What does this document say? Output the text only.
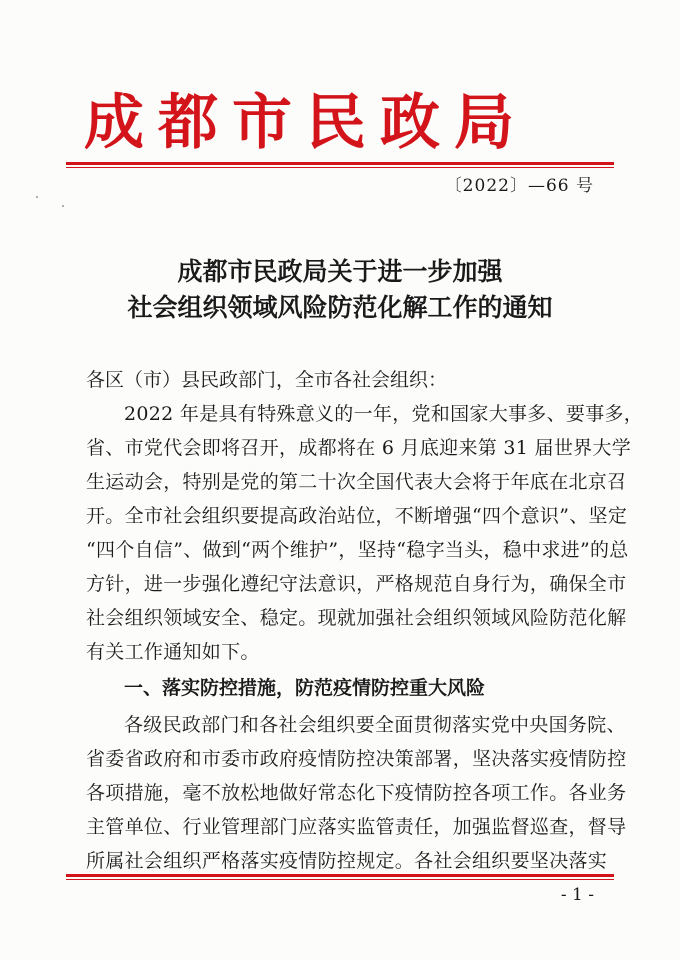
成都市民政局
〔2022〕—66 号
成都市民政局关于进一步加强
社会组织领域风险防范化解工作的通知
各区（市）县民政部门，全市各社会组织：
2022 年是具有特殊意义的一年，党和国家大事多、要事多，
省、市党代会即将召开，成都将在 6 月底迎来第 31 届世界大学
生运动会，特别是党的第二十次全国代表大会将于年底在北京召
开。全市社会组织要提高政治站位，不断增强“四个意识”、坚定
“四个自信”、做到“两个维护”，坚持“稳字当头，稳中求进”的总
方针，进一步强化遵纪守法意识，严格规范自身行为，确保全市
社会组织领域安全、稳定。现就加强社会组织领域风险防范化解
有关工作通知如下。
一、落实防控措施，防范疫情防控重大风险
各级民政部门和各社会组织要全面贯彻落实党中央国务院、
省委省政府和市委市政府疫情防控决策部署，坚决落实疫情防控
各项措施，毫不放松地做好常态化下疫情防控各项工作。各业务
主管单位、行业管理部门应落实监管责任，加强监督巡查，督导
所属社会组织严格落实疫情防控规定。各社会组织要坚决落实
- 1 -
